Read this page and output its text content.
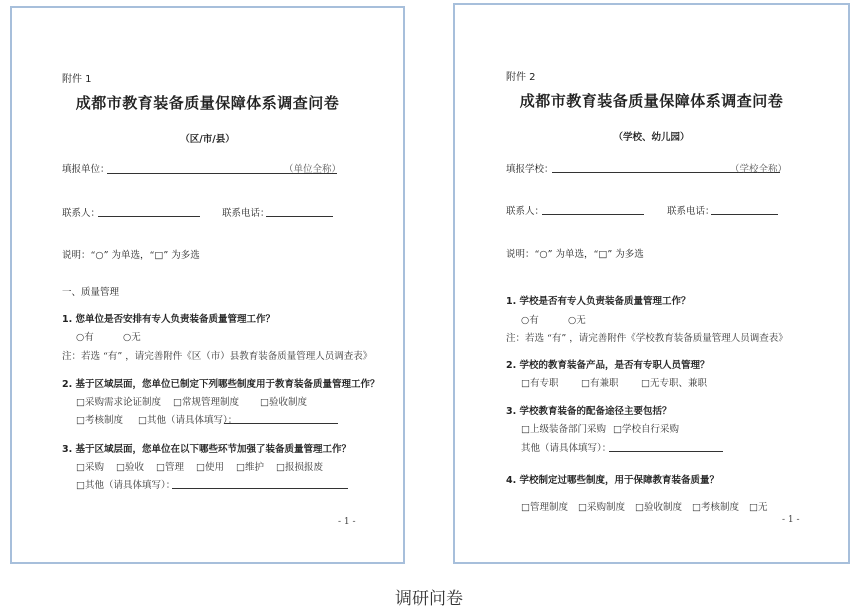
附件 1
成都市教育装备质量保障体系调查问卷
（区/市/县）
填报单位：	（单位全称）
联系人：	联系电话：
说明：“○” 为单选，“□” 为多选
一、质量管理
1. 您单位是否安排有专人负责装备质量管理工作？
○有	○无
注：若选 “有” ，请完善附件《区（市）县教育装备质量管理人员调查表》
2. 基于区域层面，您单位已制定下列哪些制度用于教育装备质量管理工作？
□采购需求论证制度	□常规管理制度	□验收制度
□考核制度	□其他（请具体填写）：
3. 基于区域层面，您单位在以下哪些环节加强了装备质量管理工作？
□采购	□验收	□管理	□使用	□维护	□报损报废
□其他（请具体填写）：
- 1 -
附件 2
成都市教育装备质量保障体系调查问卷
（学校、幼儿园）
填报学校：	（学校全称）
联系人：	联系电话：
说明：“○” 为单选，“□” 为多选
1. 学校是否有专人负责装备质量管理工作？
○有	○无
注：若选 “有” ，请完善附件《学校教育装备质量管理人员调查表》
2. 学校的教育装备产品，是否有专职人员管理？
□有专职	□有兼职	□无专职、兼职
3. 学校教育装备的配备途径主要包括？
□上级装备部门采购 □学校自行采购
其他（请具体填写）：
4. 学校制定过哪些制度，用于保障教育装备质量？
□管理制度	□采购制度	□验收制度	□考核制度	□无
- 1 -
调研问卷
